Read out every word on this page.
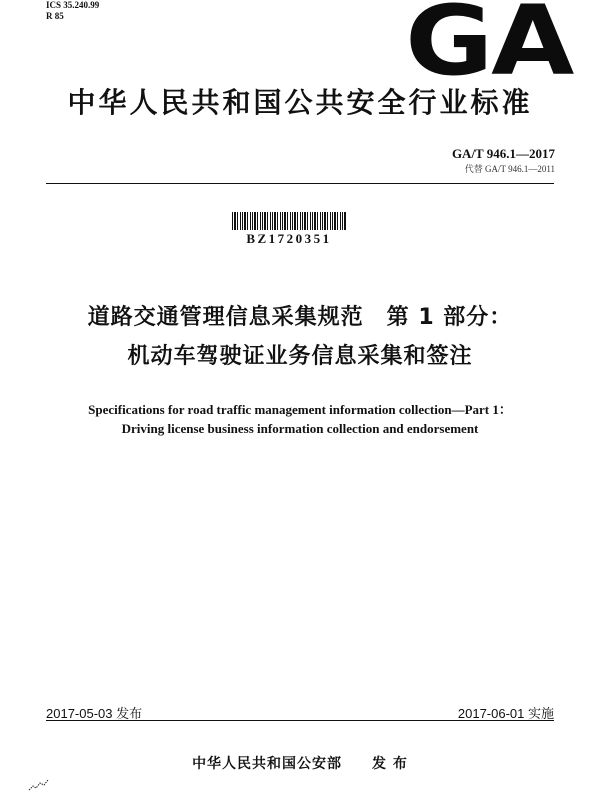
ICS 35.240.99
R 85	GA
中华人民共和国公共安全行业标准
GA/T 946.1—2017
代替 GA/T 946.1—2011
BZ1720351
道路交通管理信息采集规范　第 1 部分：
机动车驾驶证业务信息采集和签注
Specifications for road traffic management information collection—Part 1：
Driving license business information collection and endorsement
2017-05-03 发布	2017-06-01 实施
中华人民共和国公安部　　发 布
